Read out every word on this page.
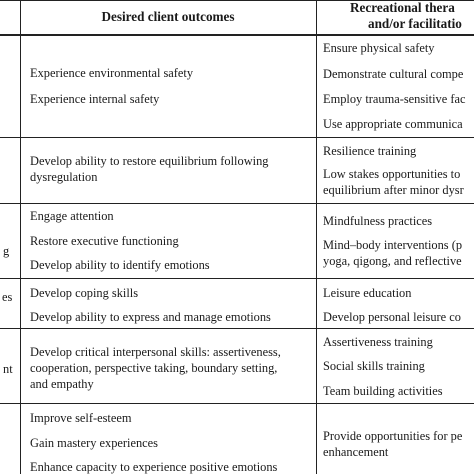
Desired client outcomes
Recreational thera
and/or facilitatio
Experience environmental safety
Experience internal safety
Ensure physical safety
Demonstrate cultural compe
Employ trauma-sensitive fac
Use appropriate communica
Develop ability to restore equilibrium following
dysregulation
Resilience training
Low stakes opportunities to
equilibrium after minor dysr
g
Engage attention
Restore executive functioning
Develop ability to identify emotions
Mindfulness practices
Mind–body interventions (p
yoga, qigong, and reflective
es Develop coping skills
Develop ability to express and manage emotions
Leisure education
Develop personal leisure co
nt
Develop critical interpersonal skills: assertiveness,
cooperation, perspective taking, boundary setting,
and empathy
Assertiveness training
Social skills training
Team building activities
Improve self-esteem
Gain mastery experiences
Enhance capacity to experience positive emotions
Provide opportunities for pe
enhancement
